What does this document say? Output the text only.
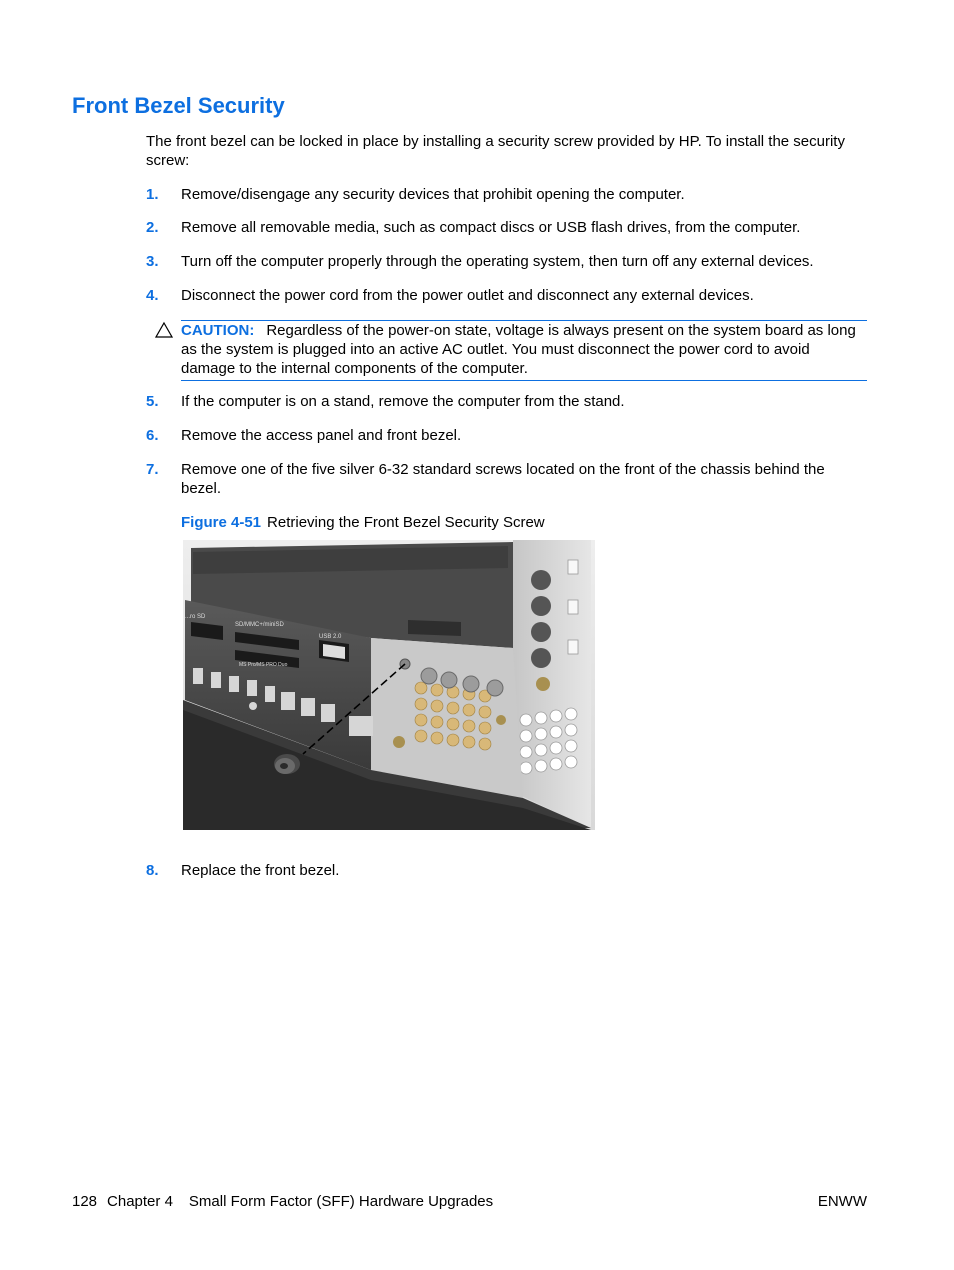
Front Bezel Security

The front bezel can be locked in place by installing a security screw provided by HP. To install the security screw:

1. Remove/disengage any security devices that prohibit opening the computer.
2. Remove all removable media, such as compact discs or USB flash drives, from the computer.
3. Turn off the computer properly through the operating system, then turn off any external devices.
4. Disconnect the power cord from the power outlet and disconnect any external devices.
CAUTION: Regardless of the power-on state, voltage is always present on the system board as long as the system is plugged into an active AC outlet. You must disconnect the power cord to avoid damage to the internal components of the computer.
5. If the computer is on a stand, remove the computer from the stand.
6. Remove the access panel and front bezel.
7. Remove one of the five silver 6-32 standard screws located on the front of the chassis behind the bezel.
Figure 4-51 Retrieving the Front Bezel Security Screw
...ro SD
SD/MMC+/miniSD
MS Pro/MS PRO Duo
USB 2.0
8. Replace the front bezel.
128 Chapter 4 Small Form Factor (SFF) Hardware Upgrades	ENWW
